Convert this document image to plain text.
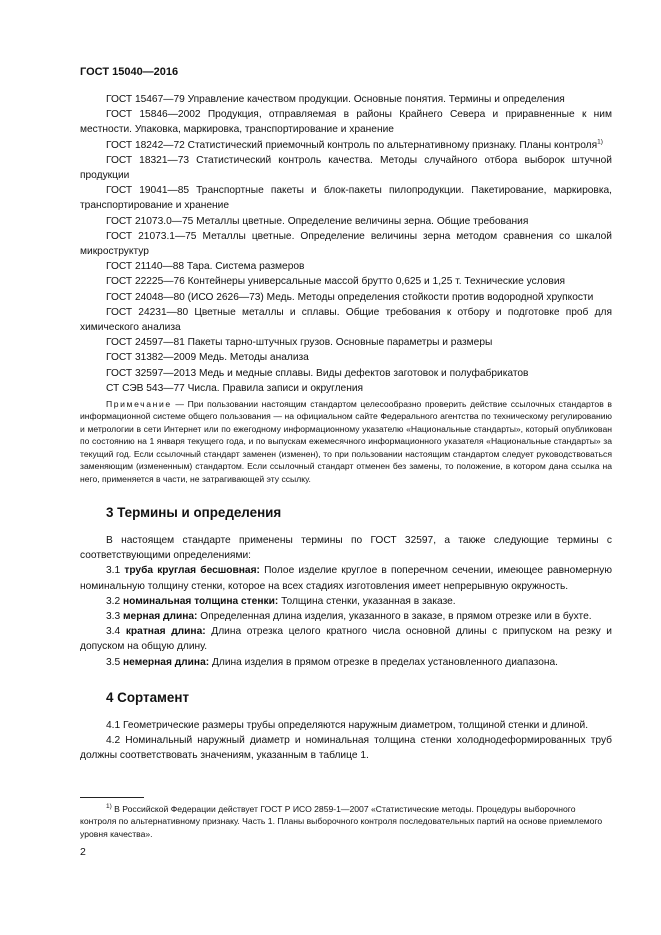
ГОСТ 15040—2016

ГОСТ 15467—79 Управление качеством продукции. Основные понятия. Термины и определения

ГОСТ 15846—2002 Продукция, отправляемая в районы Крайнего Севера и приравненные к ним местности. Упаковка, маркировка, транспортирование и хранение

ГОСТ 18242—72 Статистический приемочный контроль по альтернативному признаку. Планы контроля$^{1)}$

ГОСТ 18321—73 Статистический контроль качества. Методы случайного отбора выборок штучной продукции

ГОСТ 19041—85 Транспортные пакеты и блок-пакеты пилопродукции. Пакетирование, маркировка, транспортирование и хранение

ГОСТ 21073.0—75 Металлы цветные. Определение величины зерна. Общие требования

ГОСТ 21073.1—75 Металлы цветные. Определение величины зерна методом сравнения со шкалой микроструктур

ГОСТ 21140—88 Тара. Система размеров

ГОСТ 22225—76 Контейнеры универсальные массой брутто 0,625 и 1,25 т. Технические условия

ГОСТ 24048—80 (ИСО 2626—73) Медь. Методы определения стойкости против водородной хрупкости

ГОСТ 24231—80 Цветные металлы и сплавы. Общие требования к отбору и подготовке проб для химического анализа

ГОСТ 24597—81 Пакеты тарно-штучных грузов. Основные параметры и размеры

ГОСТ 31382—2009 Медь. Методы анализа

ГОСТ 32597—2013 Медь и медные сплавы. Виды дефектов заготовок и полуфабрикатов

СТ СЭВ 543—77 Числа. Правила записи и округления

Примечание — При пользовании настоящим стандартом целесообразно проверить действие ссылочных стандартов в информационной системе общего пользования — на официальном сайте Федерального агентства по техническому регулированию и метрологии в сети Интернет или по ежегодному информационному указателю «Национальные стандарты», который опубликован по состоянию на 1 января текущего года, и по выпускам ежемесячного информационного указателя «Национальные стандарты» за текущий год. Если ссылочный стандарт заменен (изменен), то при пользовании настоящим стандартом следует руководствоваться заменяющим (измененным) стандартом. Если ссылочный стандарт отменен без замены, то положение, в котором дана ссылка на него, применяется в части, не затрагивающей эту ссылку.

3 Термины и определения

В настоящем стандарте применены термины по ГОСТ 32597, а также следующие термины с соответствующими определениями:

3.1 труба круглая бесшовная: Полое изделие круглое в поперечном сечении, имеющее равномерную номинальную толщину стенки, которое на всех стадиях изготовления имеет непрерывную окружность.

3.2 номинальная толщина стенки: Толщина стенки, указанная в заказе.

3.3 мерная длина: Определенная длина изделия, указанного в заказе, в прямом отрезке или в бухте.

3.4 кратная длина: Длина отрезка целого кратного числа основной длины с припуском на резку и допуском на общую длину.

3.5 немерная длина: Длина изделия в прямом отрезке в пределах установленного диапазона.

4 Сортамент

4.1 Геометрические размеры трубы определяются наружным диаметром, толщиной стенки и длиной.

4.2 Номинальный наружный диаметр и номинальная толщина стенки холоднодеформированных труб должны соответствовать значениям, указанным в таблице 1.

$^{1)}$ В Российской Федерации действует ГОСТ Р ИСО 2859-1—2007 «Статистические методы. Процедуры выборочного контроля по альтернативному признаку. Часть 1. Планы выборочного контроля последовательных партий на основе приемлемого уровня качества».
2
